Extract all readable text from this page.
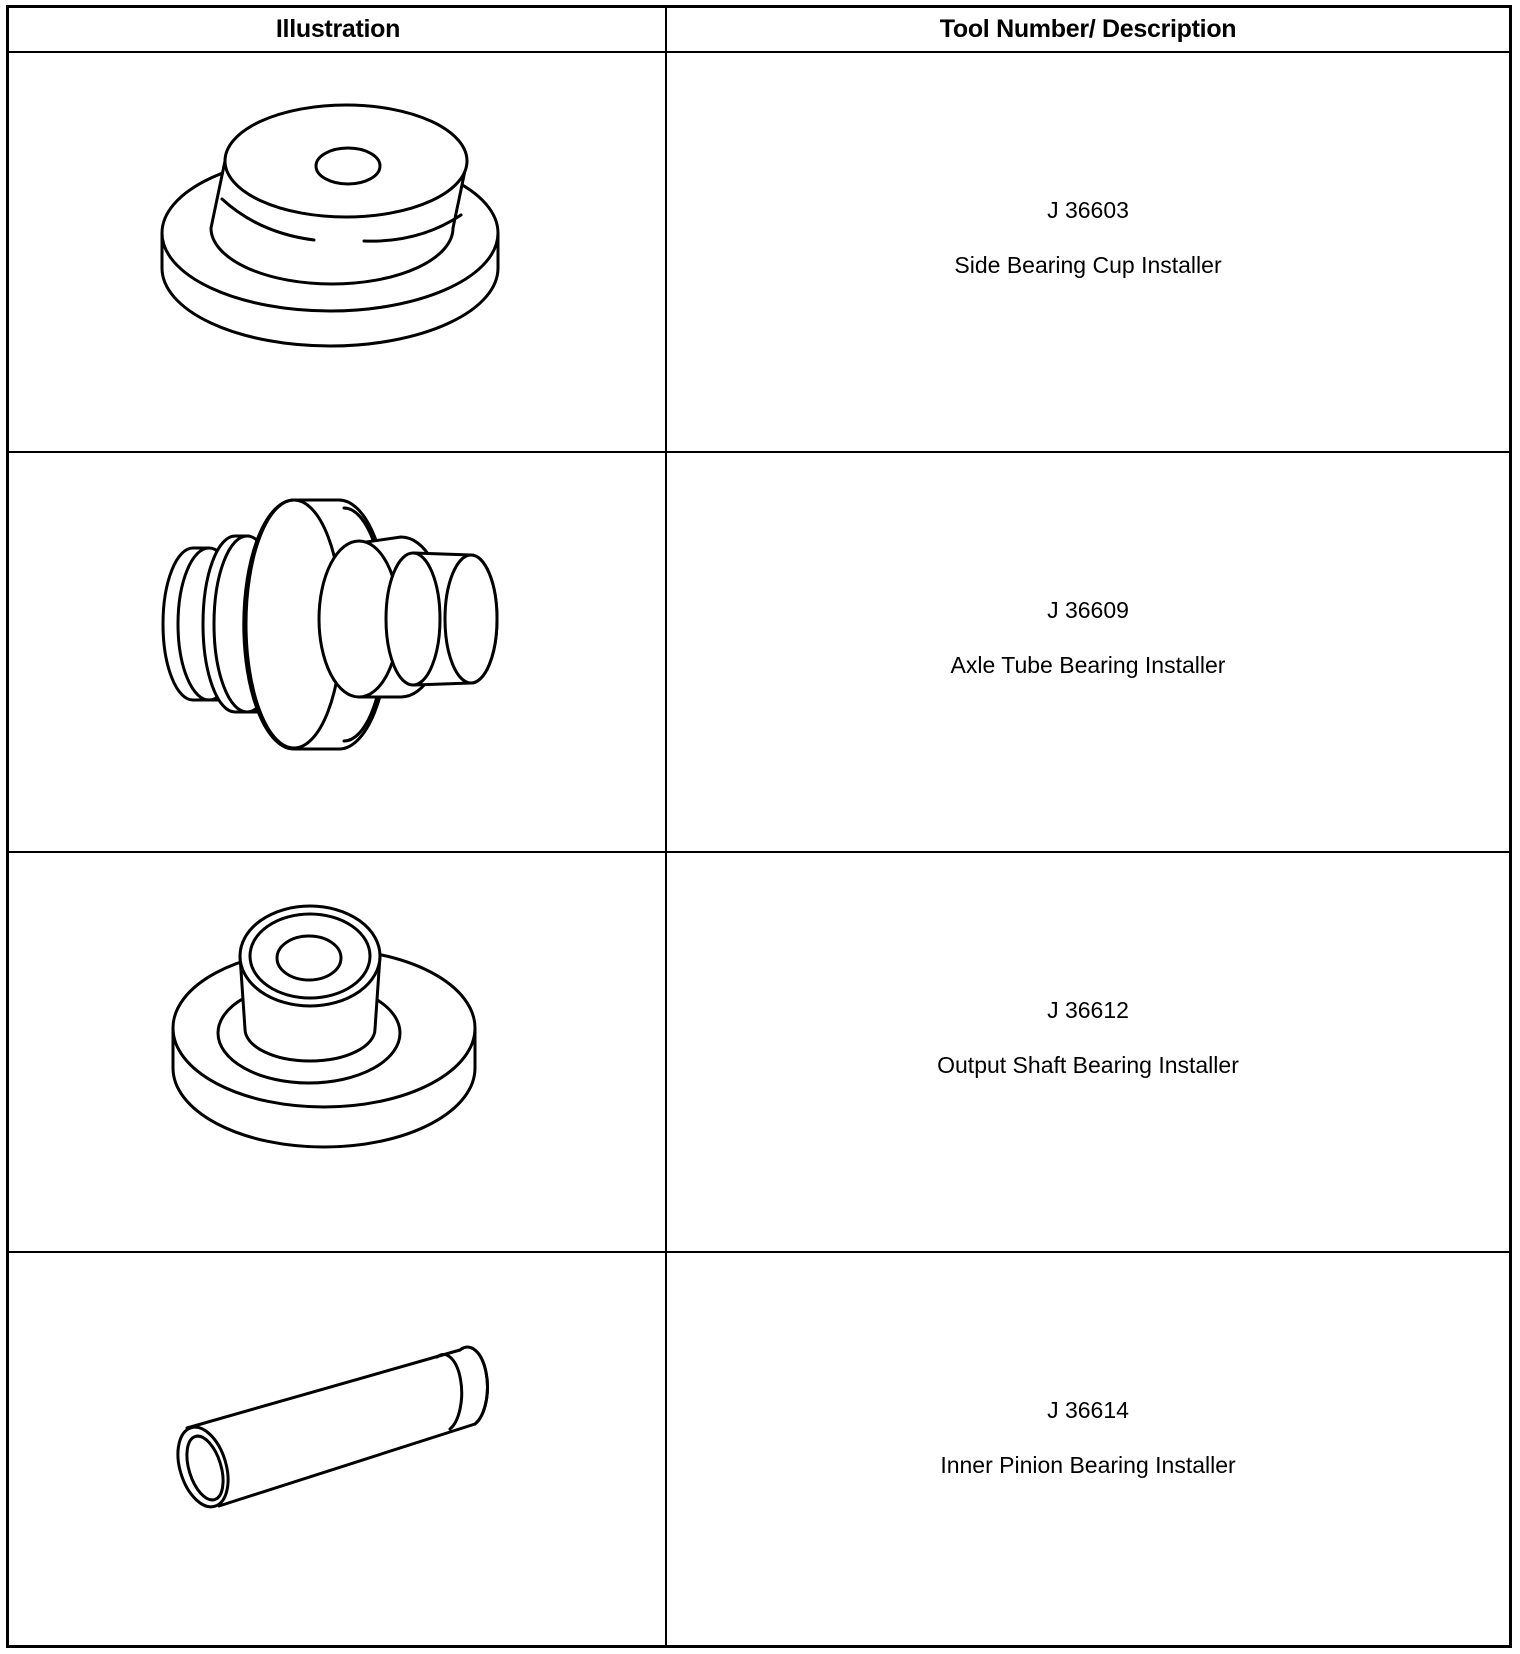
Illustration	Tool Number/ Description
J 36603
Side Bearing Cup Installer
J 36609
Axle Tube Bearing Installer
J 36612
Output Shaft Bearing Installer
J 36614
Inner Pinion Bearing Installer
